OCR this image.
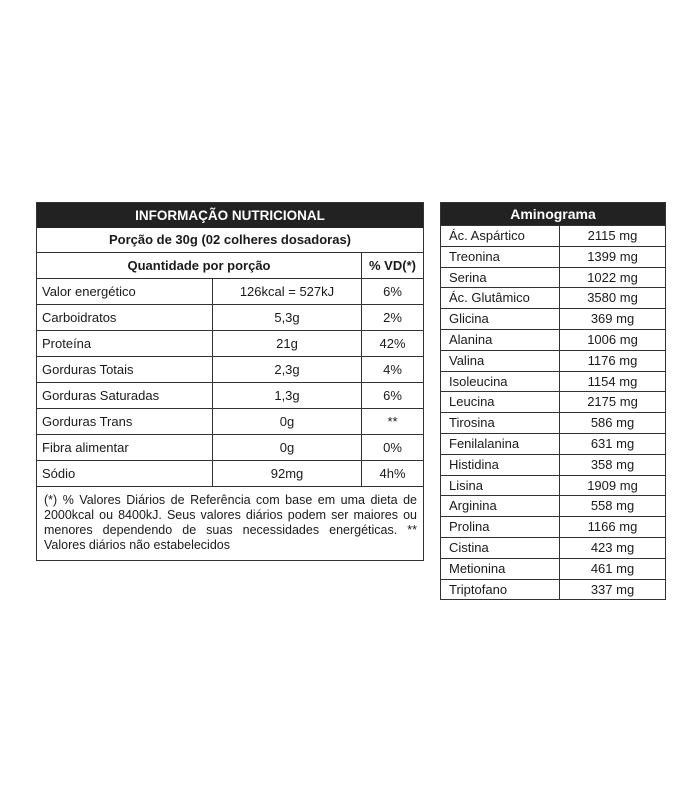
INFORMAÇÃO NUTRICIONAL
Porção de 30g (02 colheres dosadoras)
Quantidade por porção	% VD(*)
Valor energético	126kcal = 527kJ	6%
Carboidratos	5,3g	2%
Proteína	21g	42%
Gorduras Totais	2,3g	4%
Gorduras Saturadas	1,3g	6%
Gorduras Trans	0g	**
Fibra alimentar	0g	0%
Sódio	92mg	4h%
(*) % Valores Diários de Referência com base em uma dieta de 2000kcal ou 8400kJ. Seus valores diários podem ser maiores ou menores dependendo de suas necessidades energéticas. ** Valores diários não estabelecidos
Aminograma
Ác. Aspártico	2115 mg
Treonina	1399 mg
Serina	1022 mg
Ác. Glutâmico	3580 mg
Glicina	369 mg
Alanina	1006 mg
Valina	1176 mg
Isoleucina	1154 mg
Leucina	2175 mg
Tirosina	586 mg
Fenilalanina	631 mg
Histidina	358 mg
Lisina	1909 mg
Arginina	558 mg
Prolina	1166 mg
Cistina	423 mg
Metionina	461 mg
Triptofano	337 mg
